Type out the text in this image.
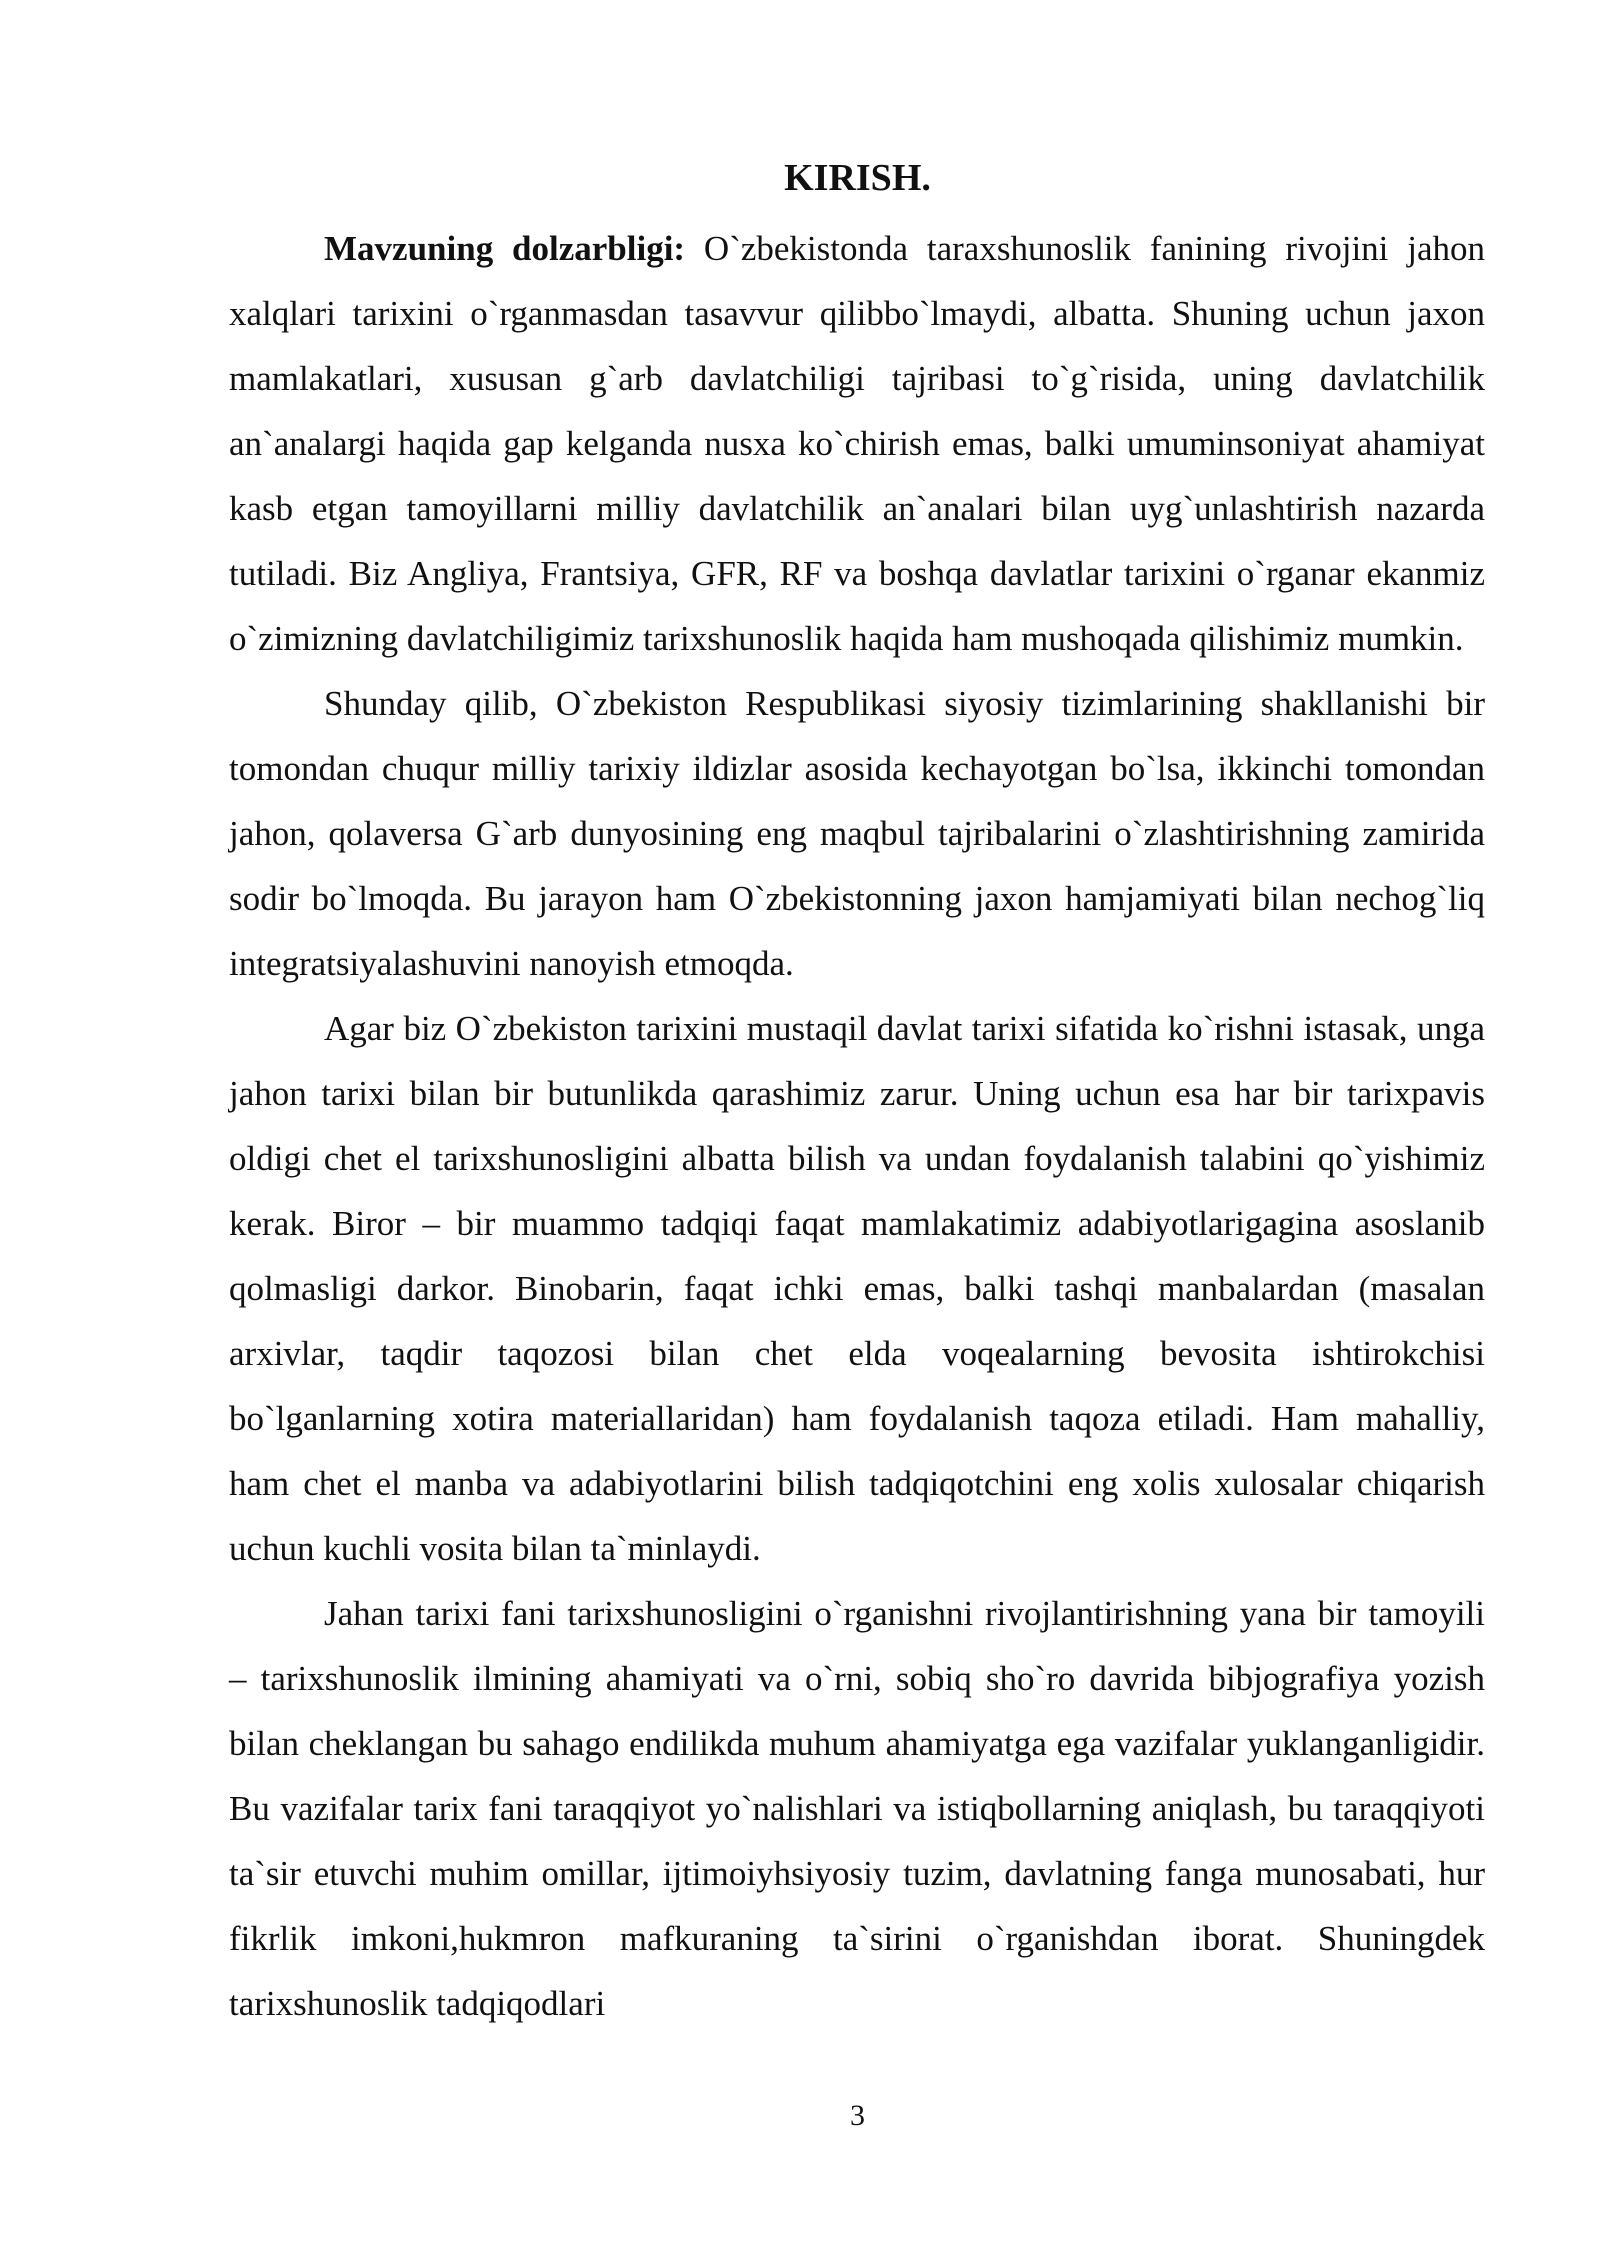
KIRISH.

Mavzuning dolzarbligi: O`zbekistonda taraxshunoslik fanining rivojini jahon xalqlari tarixini o`rganmasdan tasavvur qilibbo`lmaydi, albatta. Shuning uchun jaxon mamlakatlari, xususan g`arb davlatchiligi tajribasi to`g`risida, uning davlatchilik an`analargi haqida gap kelganda nusxa ko`chirish emas, balki umuminsoniyat ahamiyat kasb etgan tamoyillarni milliy davlatchilik an`analari bilan uyg`unlashtirish nazarda tutiladi. Biz Angliya, Frantsiya, GFR, RF va boshqa davlatlar tarixini o`rganar ekanmiz o`zimizning davlatchiligimiz tarixshunoslik haqida ham mushoqada qilishimiz mumkin.

Shunday qilib, O`zbekiston Respublikasi siyosiy tizimlarining shakllanishi bir tomondan chuqur milliy tarixiy ildizlar asosida kechayotgan bo`lsa, ikkinchi tomondan jahon, qolaversa G`arb dunyosining eng maqbul tajribalarini o`zlashtirishning zamirida sodir bo`lmoqda. Bu jarayon ham O`zbekistonning jaxon hamjamiyati bilan nechog`liq integratsiyalashuvini nanoyish etmoqda.

Agar biz O`zbekiston tarixini mustaqil davlat tarixi sifatida ko`rishni istasak, unga jahon tarixi bilan bir butunlikda qarashimiz zarur. Uning uchun esa har bir tarixpavis oldigi chet el tarixshunosligini albatta bilish va undan foydalanish talabini qo`yishimiz kerak. Biror – bir muammo tadqiqi faqat mamlakatimiz adabiyotlarigagina asoslanib qolmasligi darkor. Binobarin, faqat ichki emas, balki tashqi manbalardan (masalan arxivlar, taqdir taqozosi bilan chet elda voqealarning bevosita ishtirokchisi bo`lganlarning xotira materiallaridan) ham foydalanish taqoza etiladi. Ham mahalliy, ham chet el manba va adabiyotlarini bilish tadqiqotchini eng xolis xulosalar chiqarish uchun kuchli vosita bilan ta`minlaydi.

Jahan tarixi fani tarixshunosligini o`rganishni rivojlantirishning yana bir tamoyili – tarixshunoslik ilmining ahamiyati va o`rni, sobiq sho`ro davrida bibjografiya yozish bilan cheklangan bu sahago endilikda muhum ahamiyatga ega vazifalar yuklanganligidir. Bu vazifalar tarix fani taraqqiyot yo`nalishlari va istiqbollarning aniqlash, bu taraqqiyoti ta`sir etuvchi muhim omillar, ijtimoiyhsiyosiy tuzim, davlatning fanga munosabati, hur fikrlik imkoni,hukmron mafkuraning ta`sirini o`rganishdan iborat. Shuningdek tarixshunoslik tadqiqodlari

3
